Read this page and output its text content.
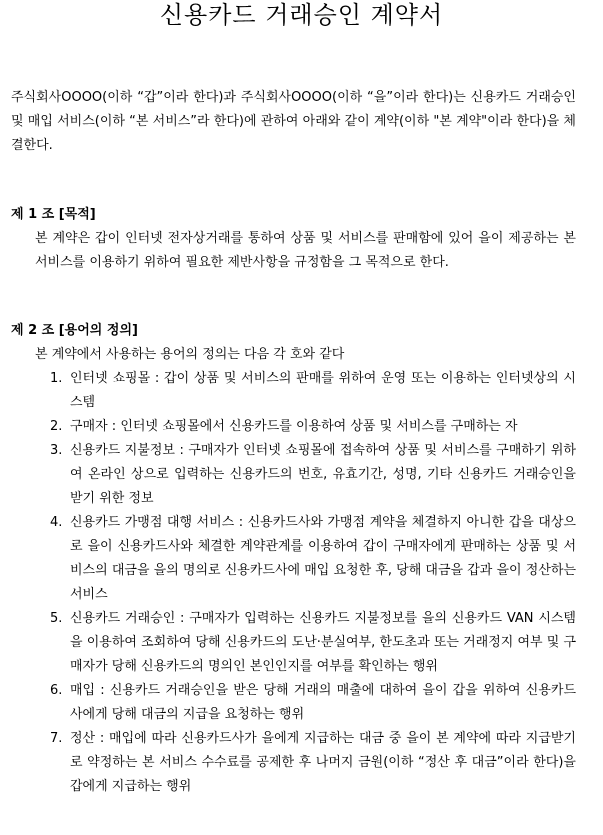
신용카드 거래승인 계약서

주식회사OOOO(이하 “갑”이라 한다)과 주식회사OOOO(이하 “을”이라 한다)는 신용카드 거래승인 및 매입 서비스(이하 “본 서비스”라 한다)에 관하여 아래와 같이 계약(이하 "본 계약"이라 한다)을 체결한다.

제 1 조 [목적]
본 계약은 갑이 인터넷 전자상거래를 통하여 상품 및 서비스를 판매함에 있어 을이 제공하는 본 서비스를 이용하기 위하여 필요한 제반사항을 규정함을 그 목적으로 한다.
제 2 조 [용어의 정의]
본 계약에서 사용하는 용어의 정의는 다음 각 호와 같다
1. 인터넷 쇼핑몰 : 갑이 상품 및 서비스의 판매를 위하여 운영 또는 이용하는 인터넷상의 시스템
2. 구매자 : 인터넷 쇼핑몰에서 신용카드를 이용하여 상품 및 서비스를 구매하는 자
3. 신용카드 지불정보 : 구매자가 인터넷 쇼핑몰에 접속하여 상품 및 서비스를 구매하기 위하여 온라인 상으로 입력하는 신용카드의 번호, 유효기간, 성명, 기타 신용카드 거래승인을 받기 위한 정보
4. 신용카드 가맹점 대행 서비스 : 신용카드사와 가맹점 계약을 체결하지 아니한 갑을 대상으로 을이 신용카드사와 체결한 계약관계를 이용하여 갑이 구매자에게 판매하는 상품 및 서비스의 대금을 을의 명의로 신용카드사에 매입 요청한 후, 당해 대금을 갑과 을이 정산하는 서비스
5. 신용카드 거래승인 : 구매자가 입력하는 신용카드 지불정보를 을의 신용카드 VAN 시스템을 이용하여 조회하여 당해 신용카드의 도난·분실여부, 한도초과 또는 거래정지 여부 및 구매자가 당해 신용카드의 명의인 본인인지를 여부를 확인하는 행위
6. 매입 : 신용카드 거래승인을 받은 당해 거래의 매출에 대하여 을이 갑을 위하여 신용카드사에게 당해 대금의 지급을 요청하는 행위
7. 정산 : 매입에 따라 신용카드사가 을에게 지급하는 대금 중 을이 본 계약에 따라 지급받기로 약정하는 본 서비스 수수료를 공제한 후 나머지 금원(이하 “정산 후 대금”이라 한다)을 갑에게 지급하는 행위
